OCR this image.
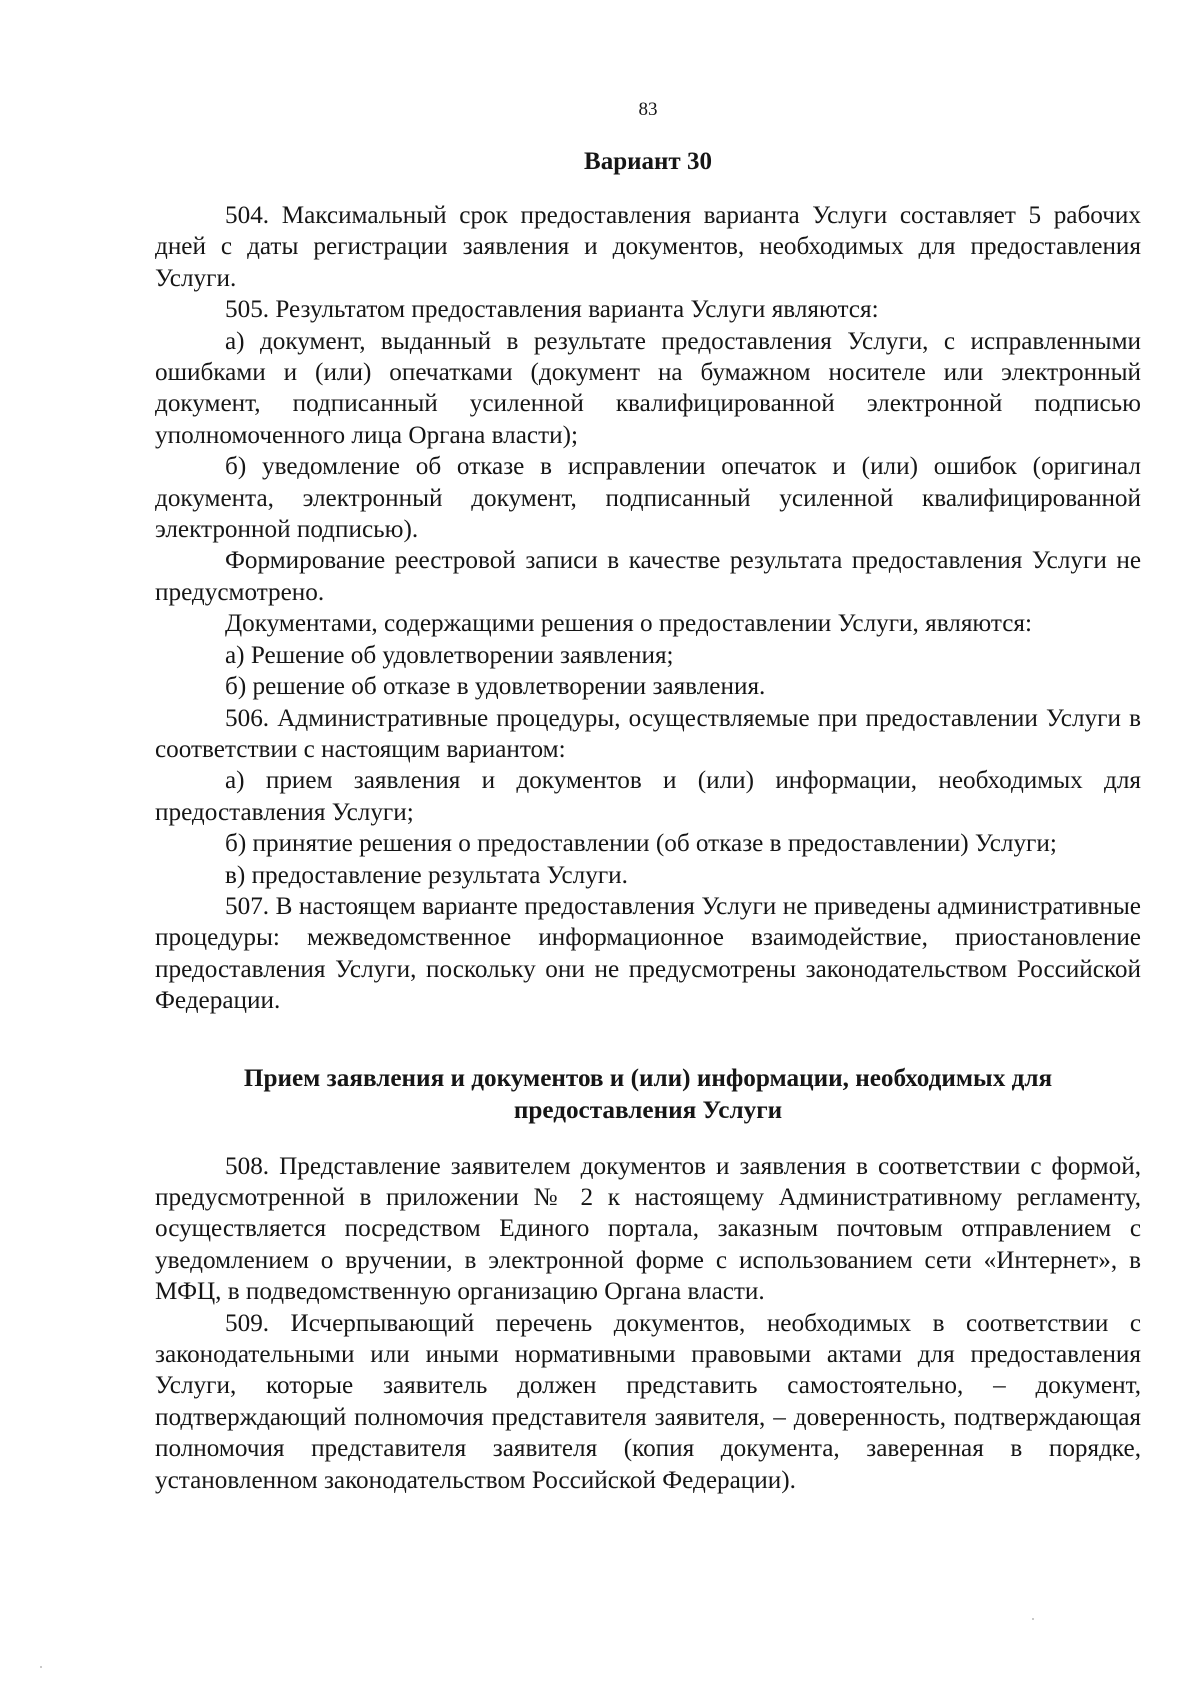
83
Вариант 30

504. Максимальный срок предоставления варианта Услуги составляет 5 рабочих дней с даты регистрации заявления и документов, необходимых для предоставления Услуги.

505. Результатом предоставления варианта Услуги являются:

а) документ, выданный в результате предоставления Услуги, с исправленными ошибками и (или) опечатками (документ на бумажном носителе или электронный документ, подписанный усиленной квалифицированной электронной подписью уполномоченного лица Органа власти);

б) уведомление об отказе в исправлении опечаток и (или) ошибок (оригинал документа, электронный документ, подписанный усиленной квалифицированной электронной подписью).

Формирование реестровой записи в качестве результата предоставления Услуги не предусмотрено.

Документами, содержащими решения о предоставлении Услуги, являются:

а) Решение об удовлетворении заявления;

б) решение об отказе в удовлетворении заявления.

506. Административные процедуры, осуществляемые при предоставлении Услуги в соответствии с настоящим вариантом:

а) прием заявления и документов и (или) информации, необходимых для предоставления Услуги;

б) принятие решения о предоставлении (об отказе в предоставлении) Услуги;

в) предоставление результата Услуги.

507. В настоящем варианте предоставления Услуги не приведены административные процедуры: межведомственное информационное взаимодействие, приостановление предоставления Услуги, поскольку они не предусмотрены законодательством Российской Федерации.

Прием заявления и документов и (или) информации, необходимых для
предоставления Услуги

508. Представление заявителем документов и заявления в соответствии с формой, предусмотренной в приложении № 2 к настоящему Административному регламенту, осуществляется посредством Единого портала, заказным почтовым отправлением с уведомлением о вручении, в электронной форме с использованием сети «Интернет», в МФЦ, в подведомственную организацию Органа власти.

509. Исчерпывающий перечень документов, необходимых в соответствии с законодательными или иными нормативными правовыми актами для предоставления Услуги, которые заявитель должен представить самостоятельно, – документ, подтверждающий полномочия представителя заявителя, – доверенность, подтверждающая полномочия представителя заявителя (копия документа, заверенная в порядке, установленном законодательством Российской Федерации).
